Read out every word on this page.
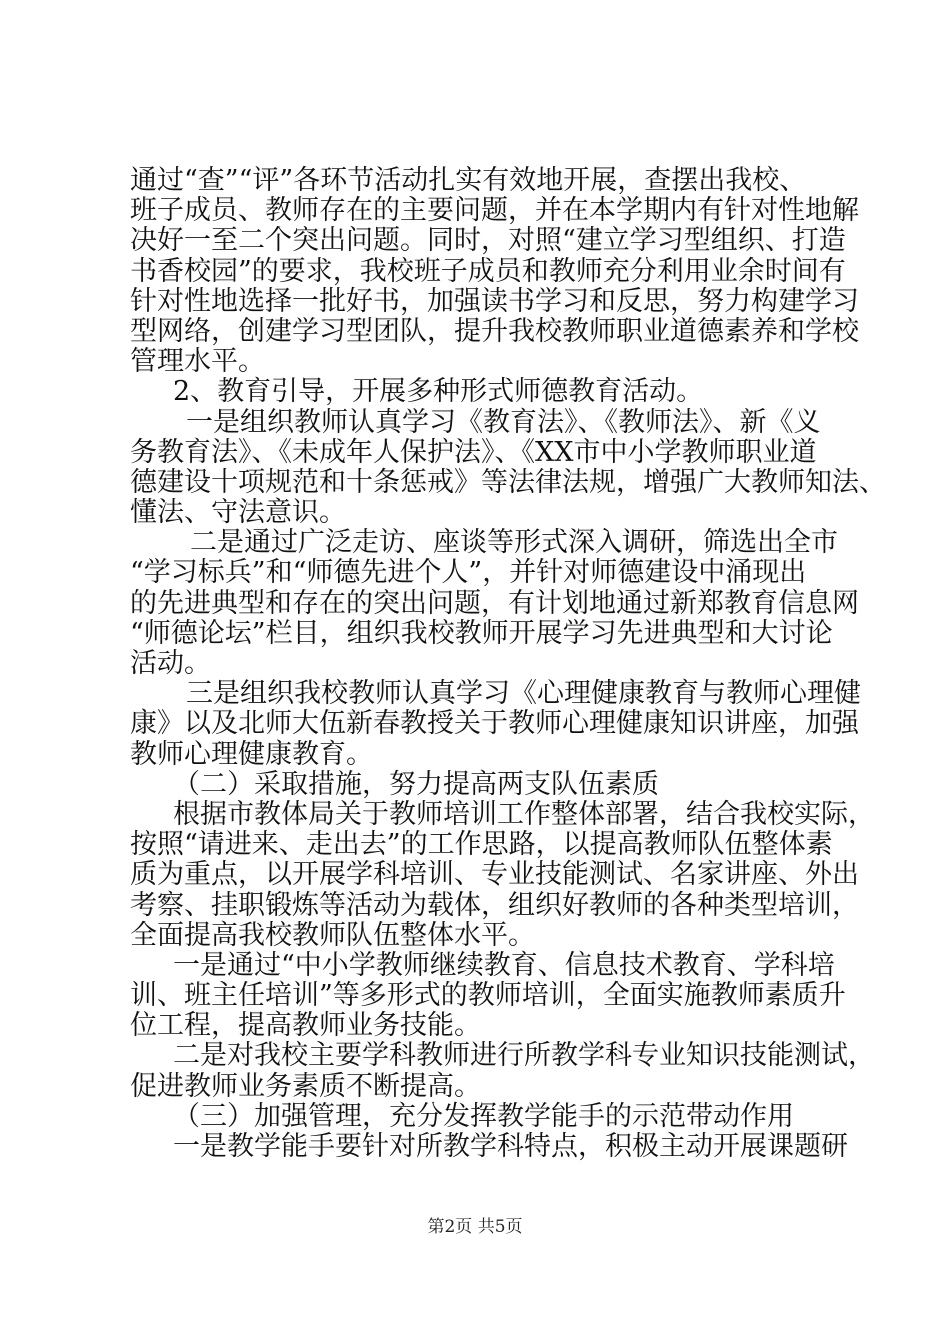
通过“查”“评”各环节活动扎实有效地开展，查摆出我校、
班子成员、教师存在的主要问题，并在本学期内有针对性地解
决好一至二个突出问题。同时，对照“建立学习型组织、打造
书香校园”的要求，我校班子成员和教师充分利用业余时间有
针对性地选择一批好书，加强读书学习和反思，努力构建学习
型网络，创建学习型团队，提升我校教师职业道德素养和学校
管理水平。
2、教育引导，开展多种形式师德教育活动。
一是组织教师认真学习《教育法》、《教师法》、新《义
务教育法》、《未成年人保护法》、《XX市中小学教师职业道
德建设十项规范和十条惩戒》等法律法规，增强广大教师知法、
懂法、守法意识。
二是通过广泛走访、座谈等形式深入调研，筛选出全市
“学习标兵”和“师德先进个人”，并针对师德建设中涌现出
的先进典型和存在的突出问题，有计划地通过新郑教育信息网
“师德论坛”栏目，组织我校教师开展学习先进典型和大讨论
活动。
三是组织我校教师认真学习《心理健康教育与教师心理健
康》以及北师大伍新春教授关于教师心理健康知识讲座，加强
教师心理健康教育。
（二）采取措施，努力提高两支队伍素质
根据市教体局关于教师培训工作整体部署，结合我校实际，
按照“请进来、走出去”的工作思路，以提高教师队伍整体素
质为重点，以开展学科培训、专业技能测试、名家讲座、外出
考察、挂职锻炼等活动为载体，组织好教师的各种类型培训，
全面提高我校教师队伍整体水平。
一是通过“中小学教师继续教育、信息技术教育、学科培
训、班主任培训”等多形式的教师培训，全面实施教师素质升
位工程，提高教师业务技能。
二是对我校主要学科教师进行所教学科专业知识技能测试，
促进教师业务素质不断提高。
（三）加强管理，充分发挥教学能手的示范带动作用
一是教学能手要针对所教学科特点，积极主动开展课题研
第2页 共5页
